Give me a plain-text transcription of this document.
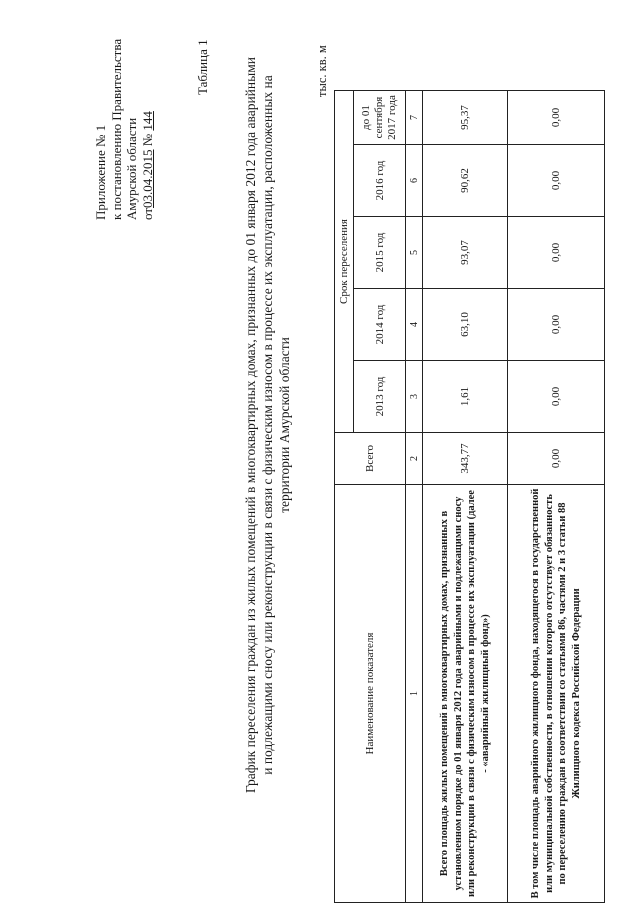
Приложение № 1 к постановлению Правительства Амурской области от03.04.2015 № 144
Таблица 1 График переселения граждан из жилых помещений в многоквартирных домах, признанных до 01 января 2012 года аварийными и подлежащими сносу или реконструкции в связи с физическим износом в процессе их эксплуатации, расположенных на территории Амурской области
тыс. кв. м
Наименование показателя	Всего	Срок переселения				
		2013 год	2014 год	2015 год	2016 год	до 01 сентября 2017 года

1	2	3	4	5	6	7
Всего площадь жилых помещений в многоквартирных домах, признанных в установленном порядке до 01 января 2012 года аварийными и подлежащими сносу или реконструкции в связи с физическим износом в процессе их эксплуатации (далее - «аварийный жилищный фонд»)	343,77	1,61	63,10	93,07	90,62	95,37
В том числе площадь аварийного жилищного фонда, находящегося в государственной или муниципальной собственности, в отношении которого отсутствует обязанность по переселению граждан в соответствии со статьями 86, частями 2 и 3 статьи 88 Жилищного кодекса Российской Федерации	0,00	0,00	0,00	0,00	0,00	0,00
